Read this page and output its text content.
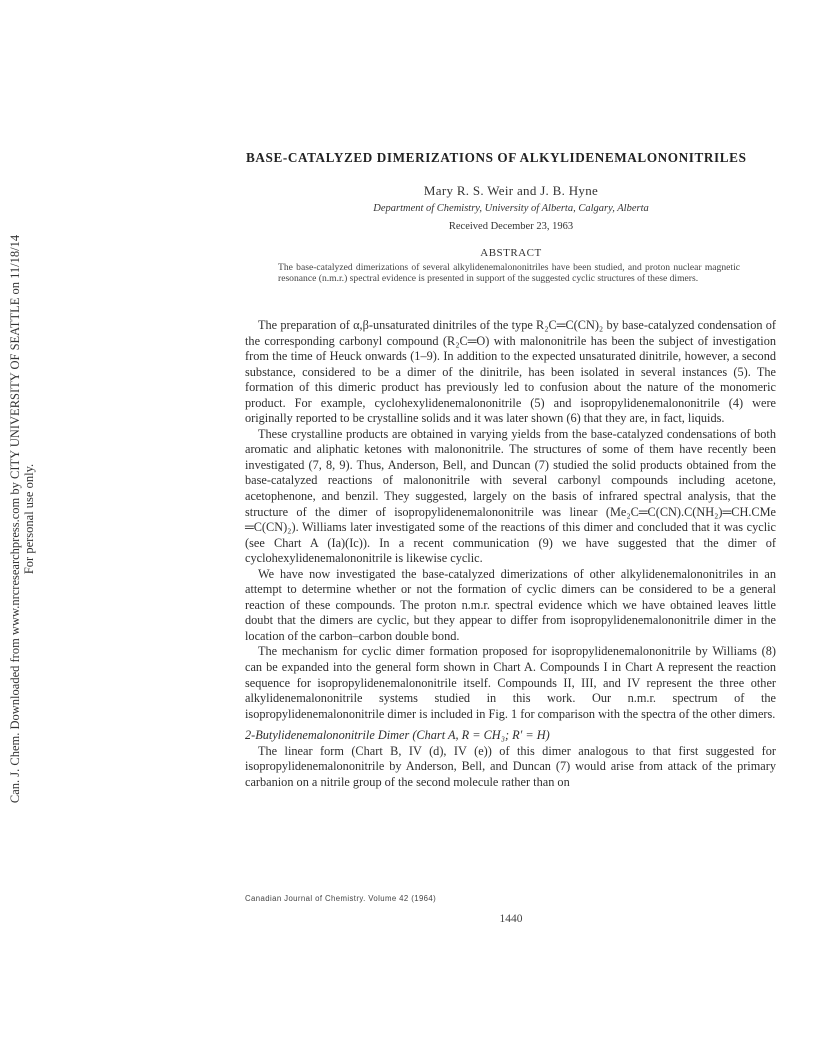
Can. J. Chem. Downloaded from www.nrcresearchpress.com by CITY UNIVERSITY OF SEATTLE on 11/18/14 For personal use only.
BASE-CATALYZED DIMERIZATIONS OF ALKYLIDENEMALONONITRILES
Mary R. S. Weir and J. B. Hyne
Department of Chemistry, University of Alberta, Calgary, Alberta
Received December 23, 1963
ABSTRACT
The base-catalyzed dimerizations of several alkylidenemalononitriles have been studied, and proton nuclear magnetic resonance (n.m.r.) spectral evidence is presented in support of the suggested cyclic structures of these dimers.

The preparation of α,β-unsaturated dinitriles of the type R₂C═C(CN)₂ by base-catalyzed condensation of the corresponding carbonyl compound (R₂C═O) with malononitrile has been the subject of investigation from the time of Heuck onwards (1–9). In addition to the expected unsaturated dinitrile, however, a second substance, considered to be a dimer of the dinitrile, has been isolated in several instances (5). The formation of this dimeric product has previously led to confusion about the nature of the monomeric product. For example, cyclohexylidenemalononitrile (5) and isopropylidenemalononitrile (4) were originally reported to be crystalline solids and it was later shown (6) that they are, in fact, liquids.

These crystalline products are obtained in varying yields from the base-catalyzed condensations of both aromatic and aliphatic ketones with malononitrile. The structures of some of them have recently been investigated (7, 8, 9). Thus, Anderson, Bell, and Duncan (7) studied the solid products obtained from the base-catalyzed reactions of malononitrile with several carbonyl compounds including acetone, acetophenone, and benzil. They suggested, largely on the basis of infrared spectral analysis, that the structure of the dimer of isopropylidenemalononitrile was linear (Me₂C═C(CN).C(NH₂)═CH.CMe ═C(CN)₂). Williams later investigated some of the reactions of this dimer and concluded that it was cyclic (see Chart A (Ia)(Ic)). In a recent communication (9) we have suggested that the dimer of cyclohexylidenemalononitrile is likewise cyclic.

We have now investigated the base-catalyzed dimerizations of other alkylidenemalononitriles in an attempt to determine whether or not the formation of cyclic dimers can be considered to be a general reaction of these compounds. The proton n.m.r. spectral evidence which we have obtained leaves little doubt that the dimers are cyclic, but they appear to differ from isopropylidenemalononitrile dimer in the location of the carbon–carbon double bond.

The mechanism for cyclic dimer formation proposed for isopropylidenemalononitrile by Williams (8) can be expanded into the general form shown in Chart A. Compounds I in Chart A represent the reaction sequence for isopropylidenemalononitrile itself. Compounds II, III, and IV represent the three other alkylidenemalononitrile systems studied in this work. Our n.m.r. spectrum of the isopropylidenemalononitrile dimer is included in Fig. 1 for comparison with the spectra of the other dimers.

2-Butylidenemalononitrile Dimer (Chart A, R = CH₃; R′ = H)

The linear form (Chart B, IV (d), IV (e)) of this dimer analogous to that first suggested for isopropylidenemalononitrile by Anderson, Bell, and Duncan (7) would arise from attack of the primary carbanion on a nitrile group of the second molecule rather than on

Canadian Journal of Chemistry. Volume 42 (1964)
1440
